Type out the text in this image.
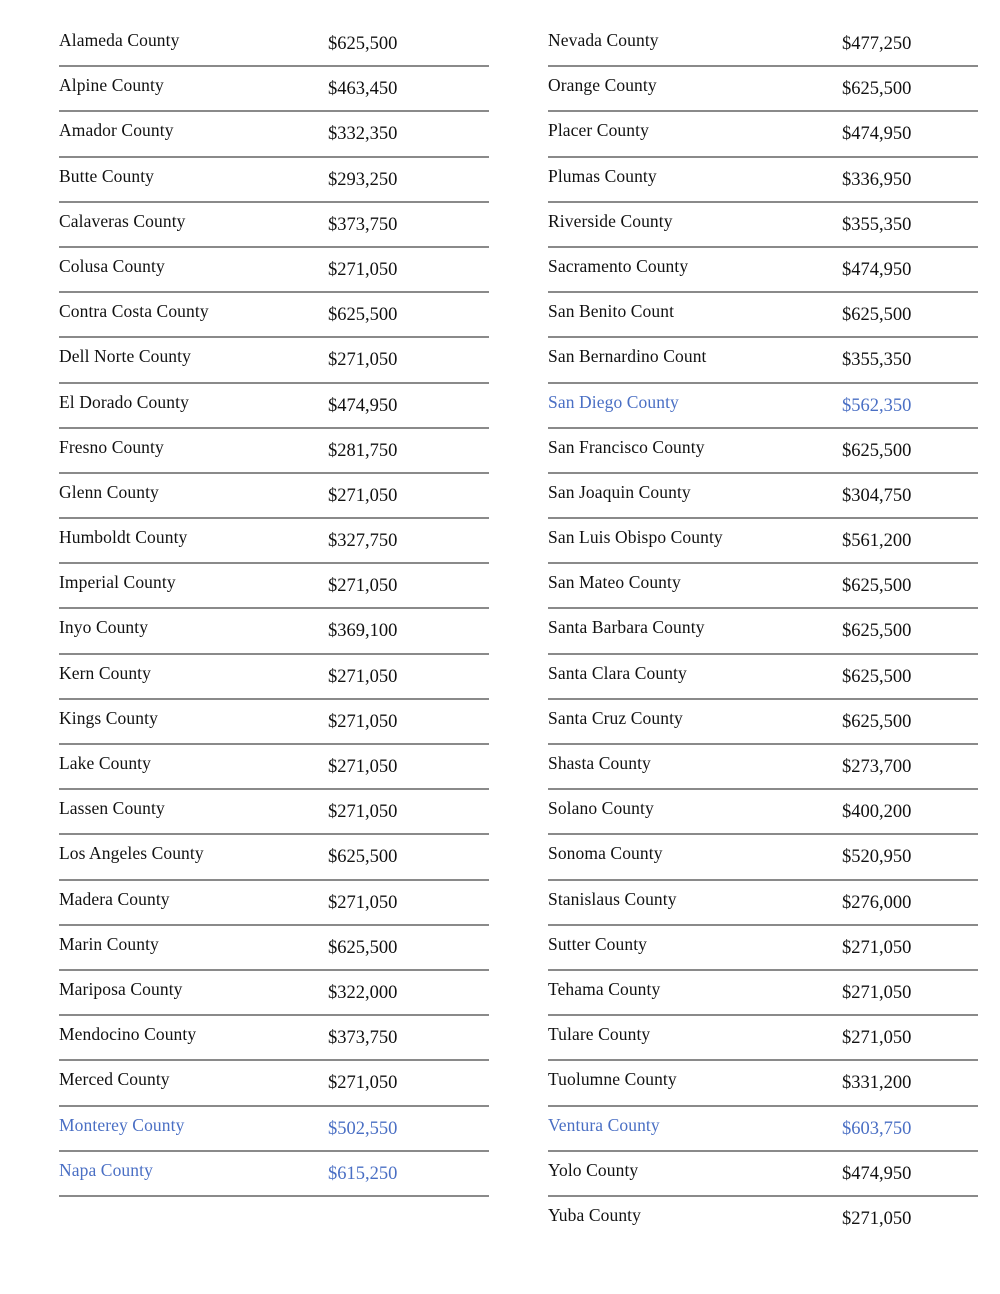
Alameda County	$625,500
Alpine County	$463,450
Amador County	$332,350
Butte County	$293,250
Calaveras County	$373,750
Colusa County	$271,050
Contra Costa County	$625,500
Dell Norte County	$271,050
El Dorado County	$474,950
Fresno County	$281,750
Glenn County	$271,050
Humboldt County	$327,750
Imperial County	$271,050
Inyo County	$369,100
Kern County	$271,050
Kings County	$271,050
Lake County	$271,050
Lassen County	$271,050
Los Angeles County	$625,500
Madera County	$271,050
Marin County	$625,500
Mariposa County	$322,000
Mendocino County	$373,750
Merced County	$271,050
Monterey County	$502,550
Napa County	$615,250
Nevada County	$477,250
Orange County	$625,500
Placer County	$474,950
Plumas County	$336,950
Riverside County	$355,350
Sacramento County	$474,950
San Benito Count	$625,500
San Bernardino Count	$355,350
San Diego County	$562,350
San Francisco County	$625,500
San Joaquin County	$304,750
San Luis Obispo County	$561,200
San Mateo County	$625,500
Santa Barbara County	$625,500
Santa Clara County	$625,500
Santa Cruz County	$625,500
Shasta County	$273,700
Solano County	$400,200
Sonoma County	$520,950
Stanislaus County	$276,000
Sutter County	$271,050
Tehama County	$271,050
Tulare County	$271,050
Tuolumne County	$331,200
Ventura County	$603,750
Yolo County	$474,950
Yuba County	$271,050
